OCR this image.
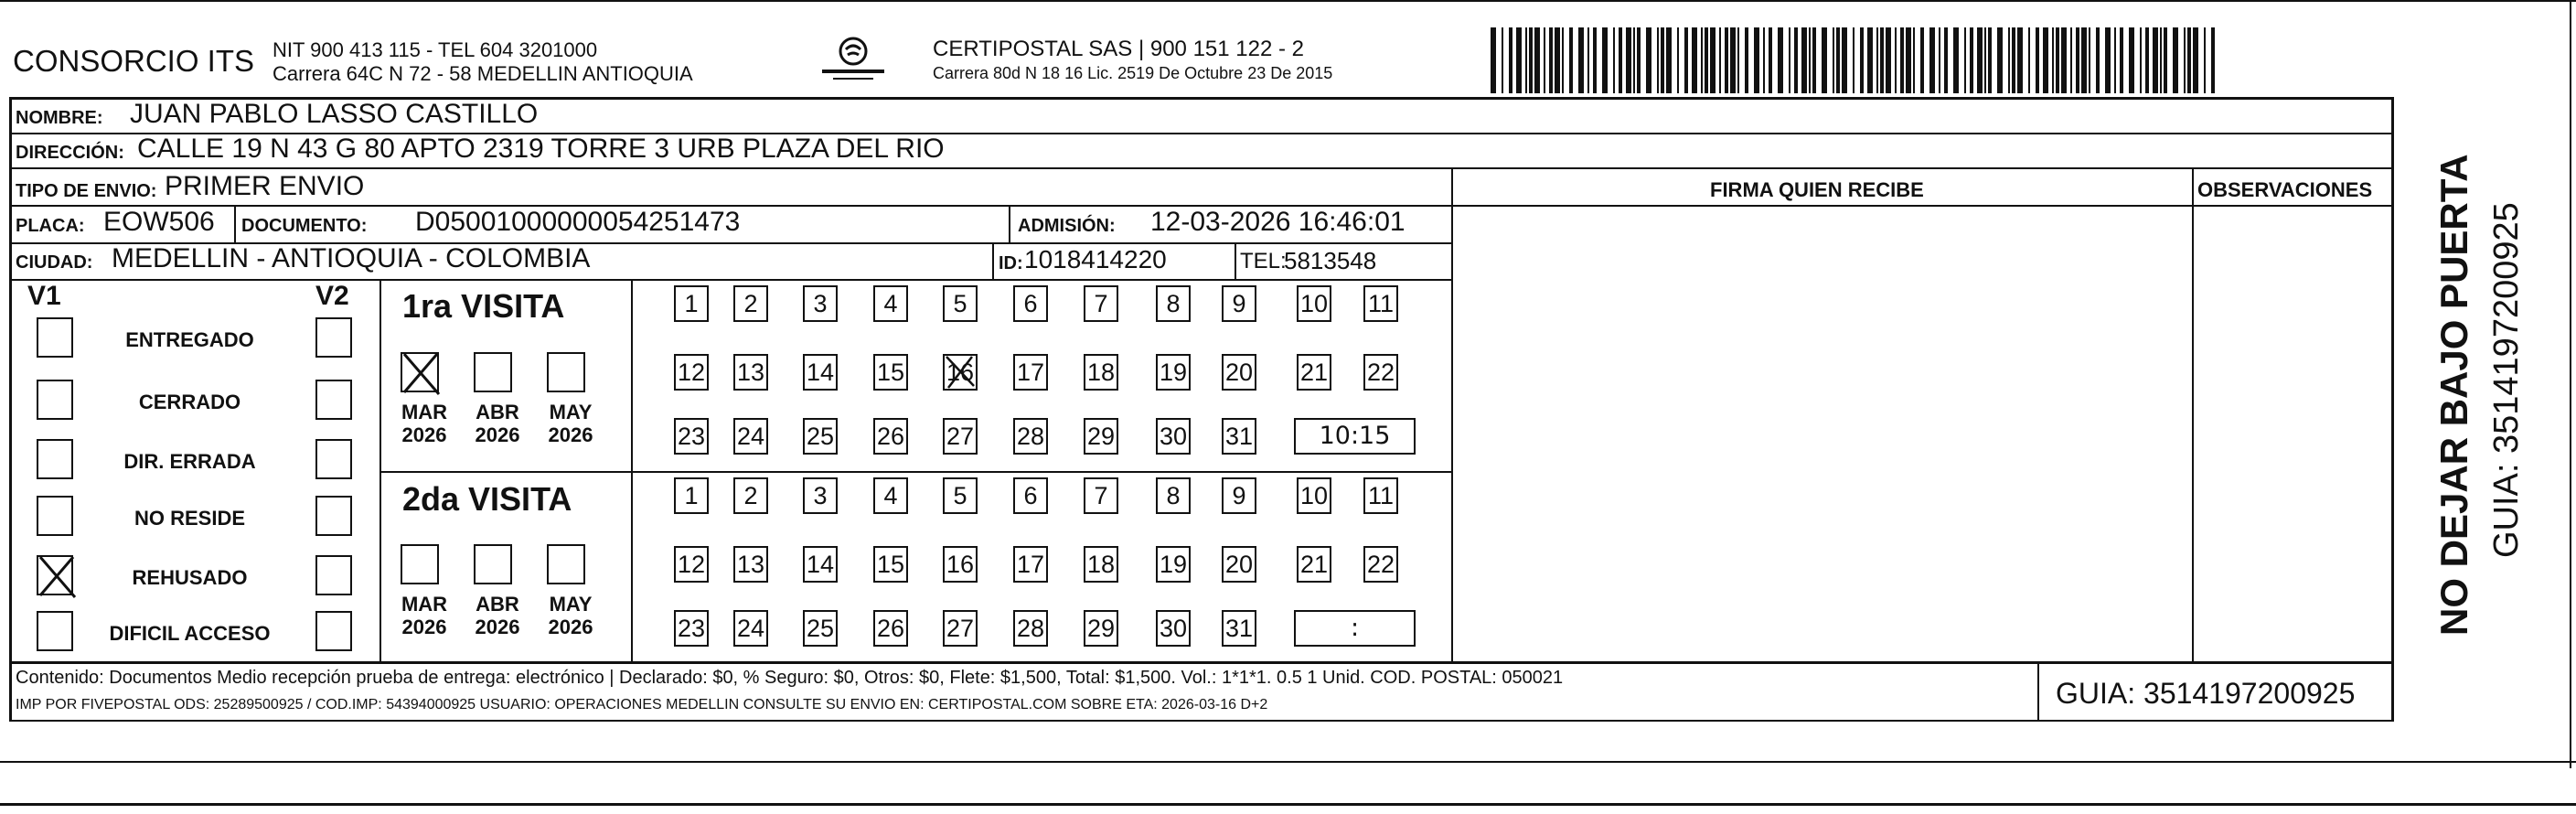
CONSORCIO ITS NIT 900 413 115 - TEL 604 3201000
Carrera 64C N 72 - 58 MEDELLIN ANTIOQUIA
CERTIPOSTAL SAS | 900 151 122 - 2
Carrera 80d N 18 16 Lic. 2519 De Octubre 23 De 2015
NOMBRE: JUAN PABLO LASSO CASTILLO
DIRECCIÓN: CALLE 19 N 43 G 80 APTO 2319 TORRE 3 URB PLAZA DEL RIO
TIPO DE ENVIO: PRIMER ENVIO	FIRMA QUIEN RECIBE	OBSERVACIONES
PLACA: EOW506 DOCUMENTO: D05001000000054251473	ADMISIÓN: 12-03-2026 16:46:01
CIUDAD: MEDELLIN - ANTIOQUIA - COLOMBIA	ID: 1018414220	TEL:
5813548
V1	V2
ENTREGADO
CERRADO
DIR. ERRADA
NO RESIDE
REHUSADO
DIFICIL ACCESO
1ra VISITA
MAR
2026
ABR
2026
MAY
2026
1	2	3	4	5	6	7	8	9	10 11
12 13 14 15 16 17 18 19 20 21 22
23 24 25 26 27 28 29 30 31	10:15
2da VISITA
MAR
2026
ABR
2026
MAY
2026
1	2	3	4	5	6	7	8	9	10 11
12 13 14 15 16 17 18 19 20 21 22
23 24 25 26 27 28 29 30 31	:
Contenido: Documentos Medio recepción prueba de entrega: electrónico | Declarado: $0, % Seguro: $0, Otros: $0, Flete: $1,500, Total: $1,500. Vol.: 1*1*1. 0.5 1 Unid. COD. POSTAL: 050021
IMP POR FIVEPOSTAL ODS: 25289500925 / COD.IMP: 54394000925 USUARIO: OPERACIONES MEDELLIN CONSULTE SU ENVIO EN: CERTIPOSTAL.COM SOBRE ETA: 2026-03-16 D+2	GUIA: 3514197200925
NO DEJAR BAJO PUERTA GUIA: 3514197200925
